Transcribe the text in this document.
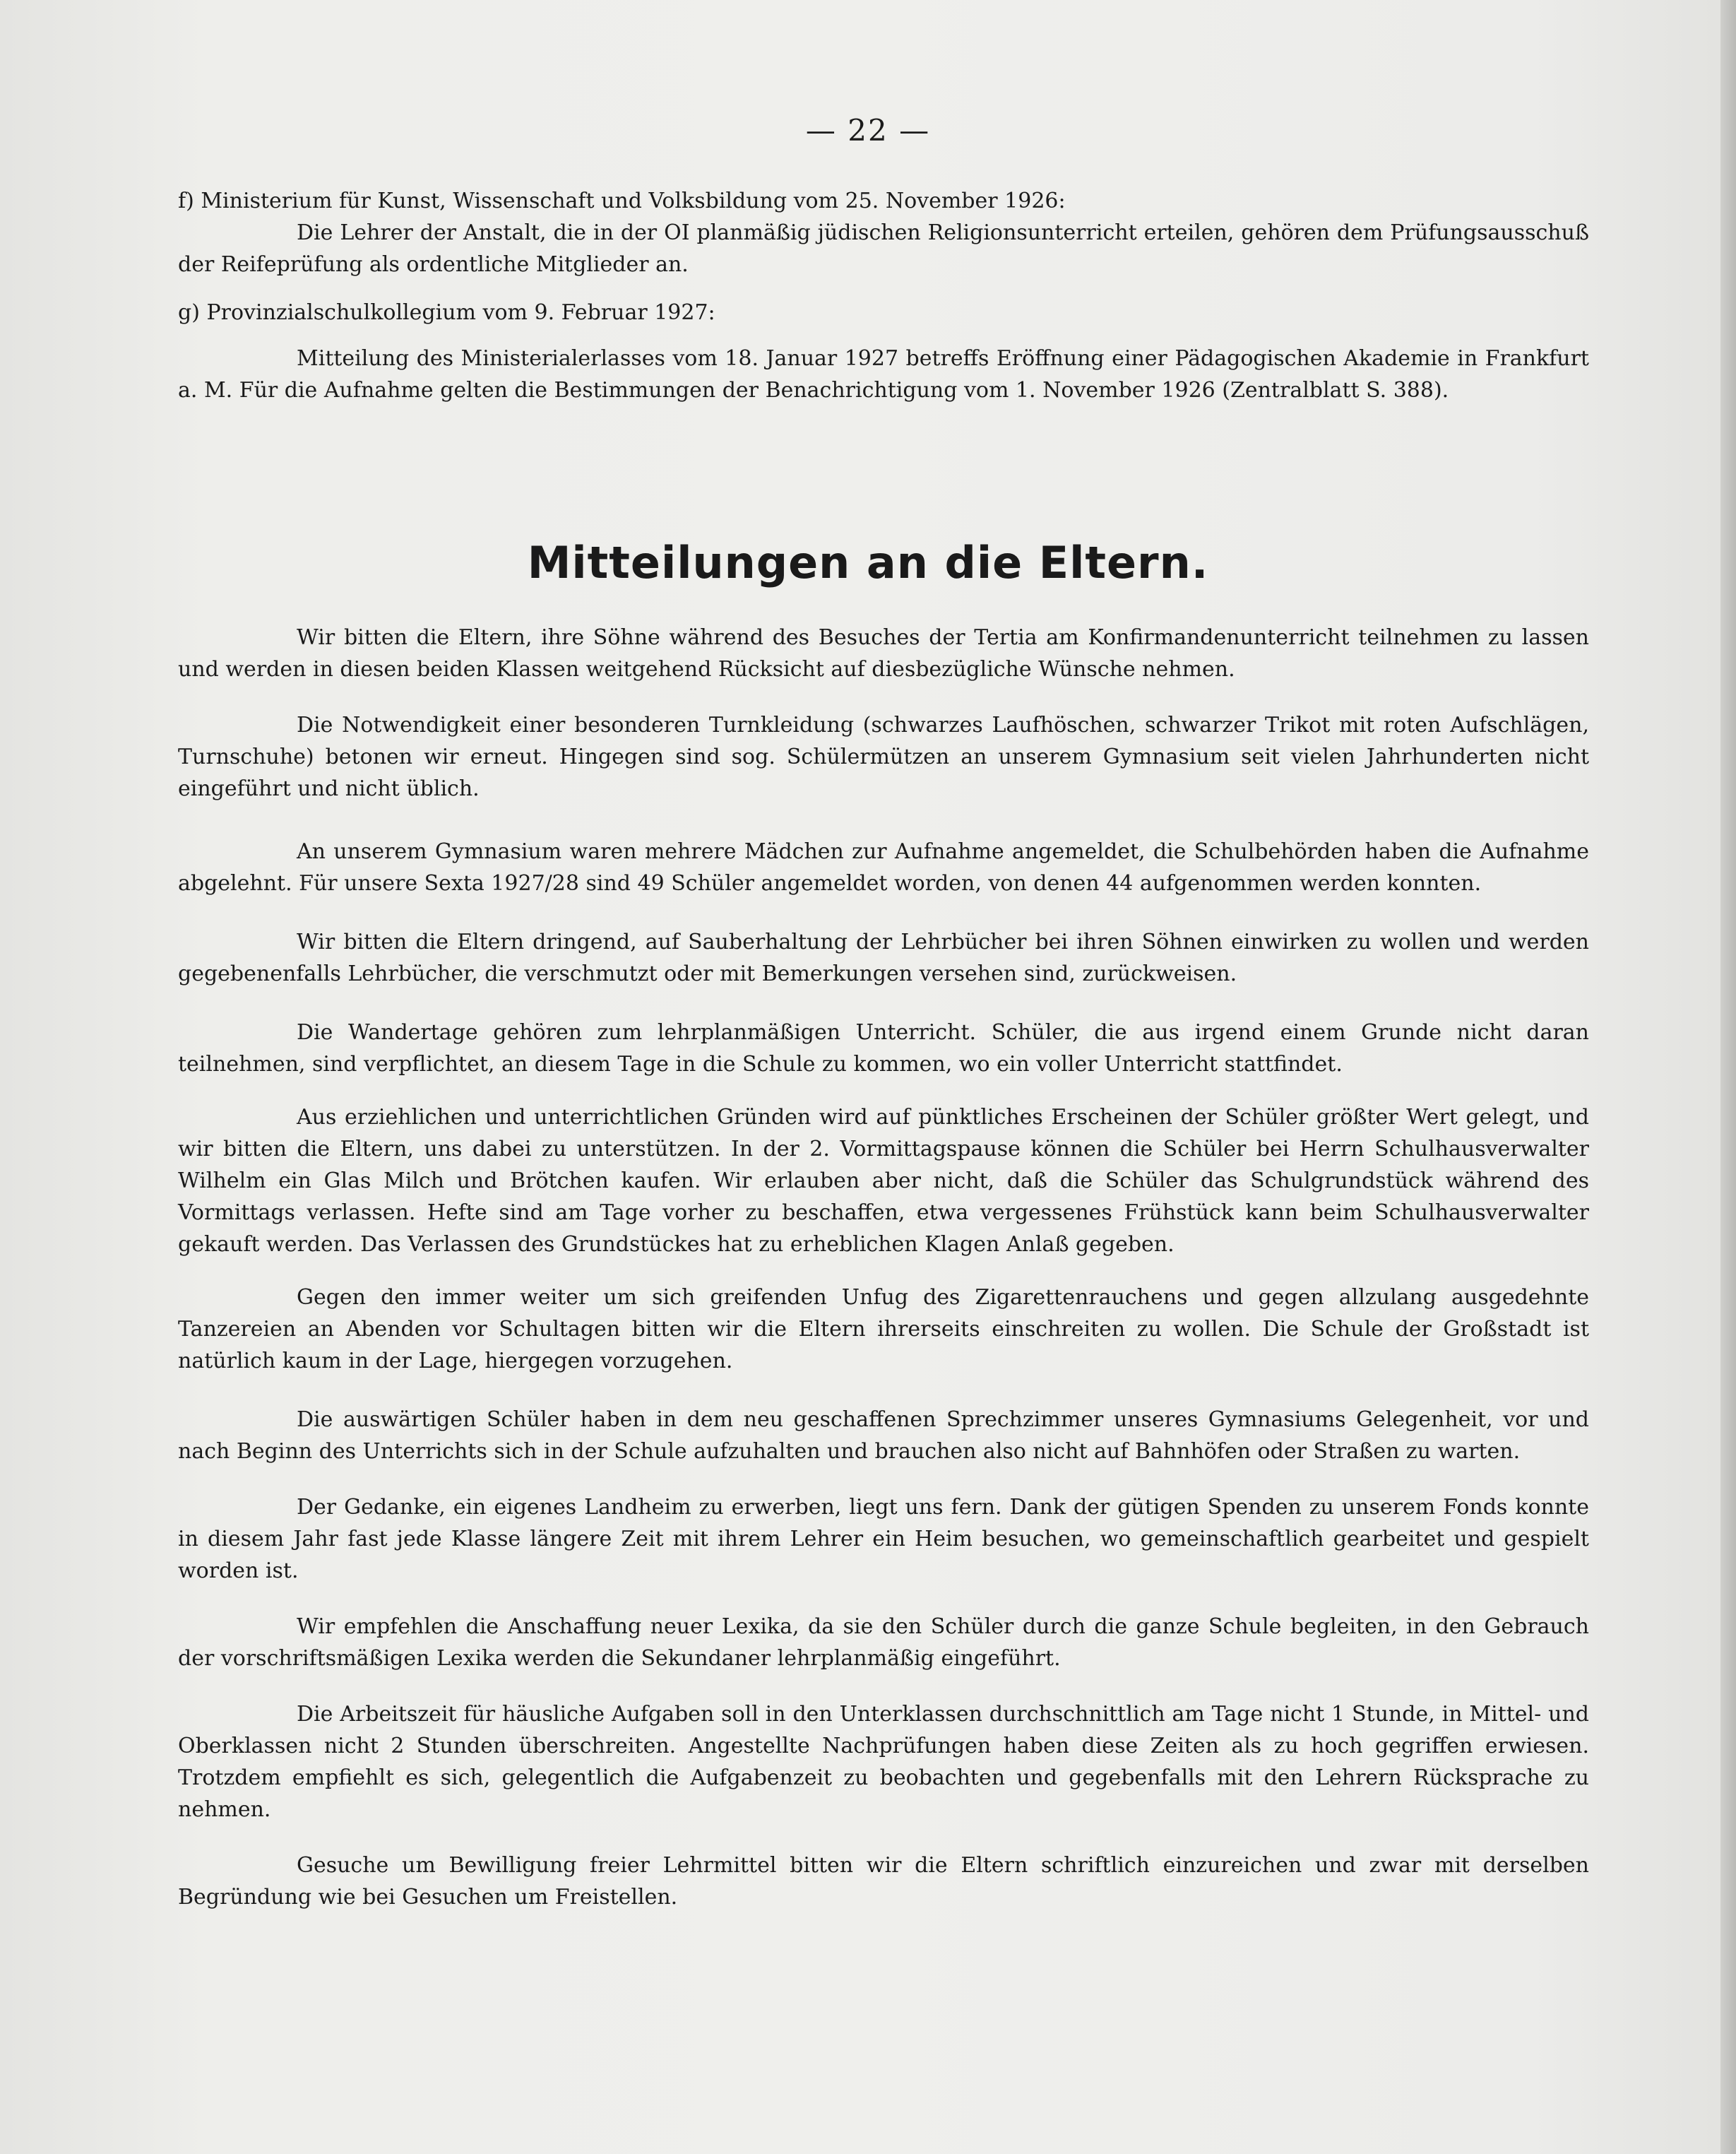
— 22 —

f) Ministerium für Kunst, Wissenschaft und Volksbildung vom 25. November 1926:

Die Lehrer der Anstalt, die in der OI planmäßig jüdischen Religionsunterricht erteilen, gehören dem Prüfungsausschuß der Reifeprüfung als ordentliche Mitglieder an.

g) Provinzialschulkollegium vom 9. Februar 1927:

Mitteilung des Ministerialerlasses vom 18. Januar 1927 betreffs Eröffnung einer Pädagogischen Akademie in Frankfurt a. M. Für die Aufnahme gelten die Bestimmungen der Benachrichtigung vom 1. November 1926 (Zentralblatt S. 388).

Mitteilungen an die Eltern.

Wir bitten die Eltern, ihre Söhne während des Besuches der Tertia am Konfirmandenunterricht teilnehmen zu lassen und werden in diesen beiden Klassen weitgehend Rücksicht auf diesbezügliche Wünsche nehmen.

Die Notwendigkeit einer besonderen Turnkleidung (schwarzes Laufhöschen, schwarzer Trikot mit roten Aufschlägen, Turnschuhe) betonen wir erneut. Hingegen sind sog. Schülermützen an unserem Gymnasium seit vielen Jahrhunderten nicht eingeführt und nicht üblich.

An unserem Gymnasium waren mehrere Mädchen zur Aufnahme angemeldet, die Schulbehörden haben die Aufnahme abgelehnt. Für unsere Sexta 1927/28 sind 49 Schüler angemeldet worden, von denen 44 aufgenommen werden konnten.

Wir bitten die Eltern dringend, auf Sauberhaltung der Lehrbücher bei ihren Söhnen einwirken zu wollen und werden gegebenenfalls Lehrbücher, die verschmutzt oder mit Bemerkungen versehen sind, zurückweisen.

Die Wandertage gehören zum lehrplanmäßigen Unterricht. Schüler, die aus irgend einem Grunde nicht daran teilnehmen, sind verpflichtet, an diesem Tage in die Schule zu kommen, wo ein voller Unterricht stattfindet.

Aus erziehlichen und unterrichtlichen Gründen wird auf pünktliches Erscheinen der Schüler größter Wert gelegt, und wir bitten die Eltern, uns dabei zu unterstützen. In der 2. Vormittagspause können die Schüler bei Herrn Schulhausverwalter Wilhelm ein Glas Milch und Brötchen kaufen. Wir erlauben aber nicht, daß die Schüler das Schulgrundstück während des Vormittags verlassen. Hefte sind am Tage vorher zu beschaffen, etwa vergessenes Frühstück kann beim Schulhausverwalter gekauft werden. Das Verlassen des Grundstückes hat zu erheblichen Klagen Anlaß gegeben.

Gegen den immer weiter um sich greifenden Unfug des Zigarettenrauchens und gegen allzulang ausgedehnte Tanzereien an Abenden vor Schultagen bitten wir die Eltern ihrerseits einschreiten zu wollen. Die Schule der Großstadt ist natürlich kaum in der Lage, hiergegen vorzugehen.

Die auswärtigen Schüler haben in dem neu geschaffenen Sprechzimmer unseres Gymnasiums Gelegenheit, vor und nach Beginn des Unterrichts sich in der Schule aufzuhalten und brauchen also nicht auf Bahnhöfen oder Straßen zu warten.

Der Gedanke, ein eigenes Landheim zu erwerben, liegt uns fern. Dank der gütigen Spenden zu unserem Fonds konnte in diesem Jahr fast jede Klasse längere Zeit mit ihrem Lehrer ein Heim besuchen, wo gemeinschaftlich gearbeitet und gespielt worden ist.

Wir empfehlen die Anschaffung neuer Lexika, da sie den Schüler durch die ganze Schule begleiten, in den Gebrauch der vorschriftsmäßigen Lexika werden die Sekundaner lehrplanmäßig eingeführt.

Die Arbeitszeit für häusliche Aufgaben soll in den Unterklassen durchschnittlich am Tage nicht 1 Stunde, in Mittel- und Oberklassen nicht 2 Stunden überschreiten. Angestellte Nachprüfungen haben diese Zeiten als zu hoch gegriffen erwiesen. Trotzdem empfiehlt es sich, gelegentlich die Aufgabenzeit zu beobachten und gegebenfalls mit den Lehrern Rücksprache zu nehmen.

Gesuche um Bewilligung freier Lehrmittel bitten wir die Eltern schriftlich einzureichen und zwar mit derselben Begründung wie bei Gesuchen um Freistellen.
